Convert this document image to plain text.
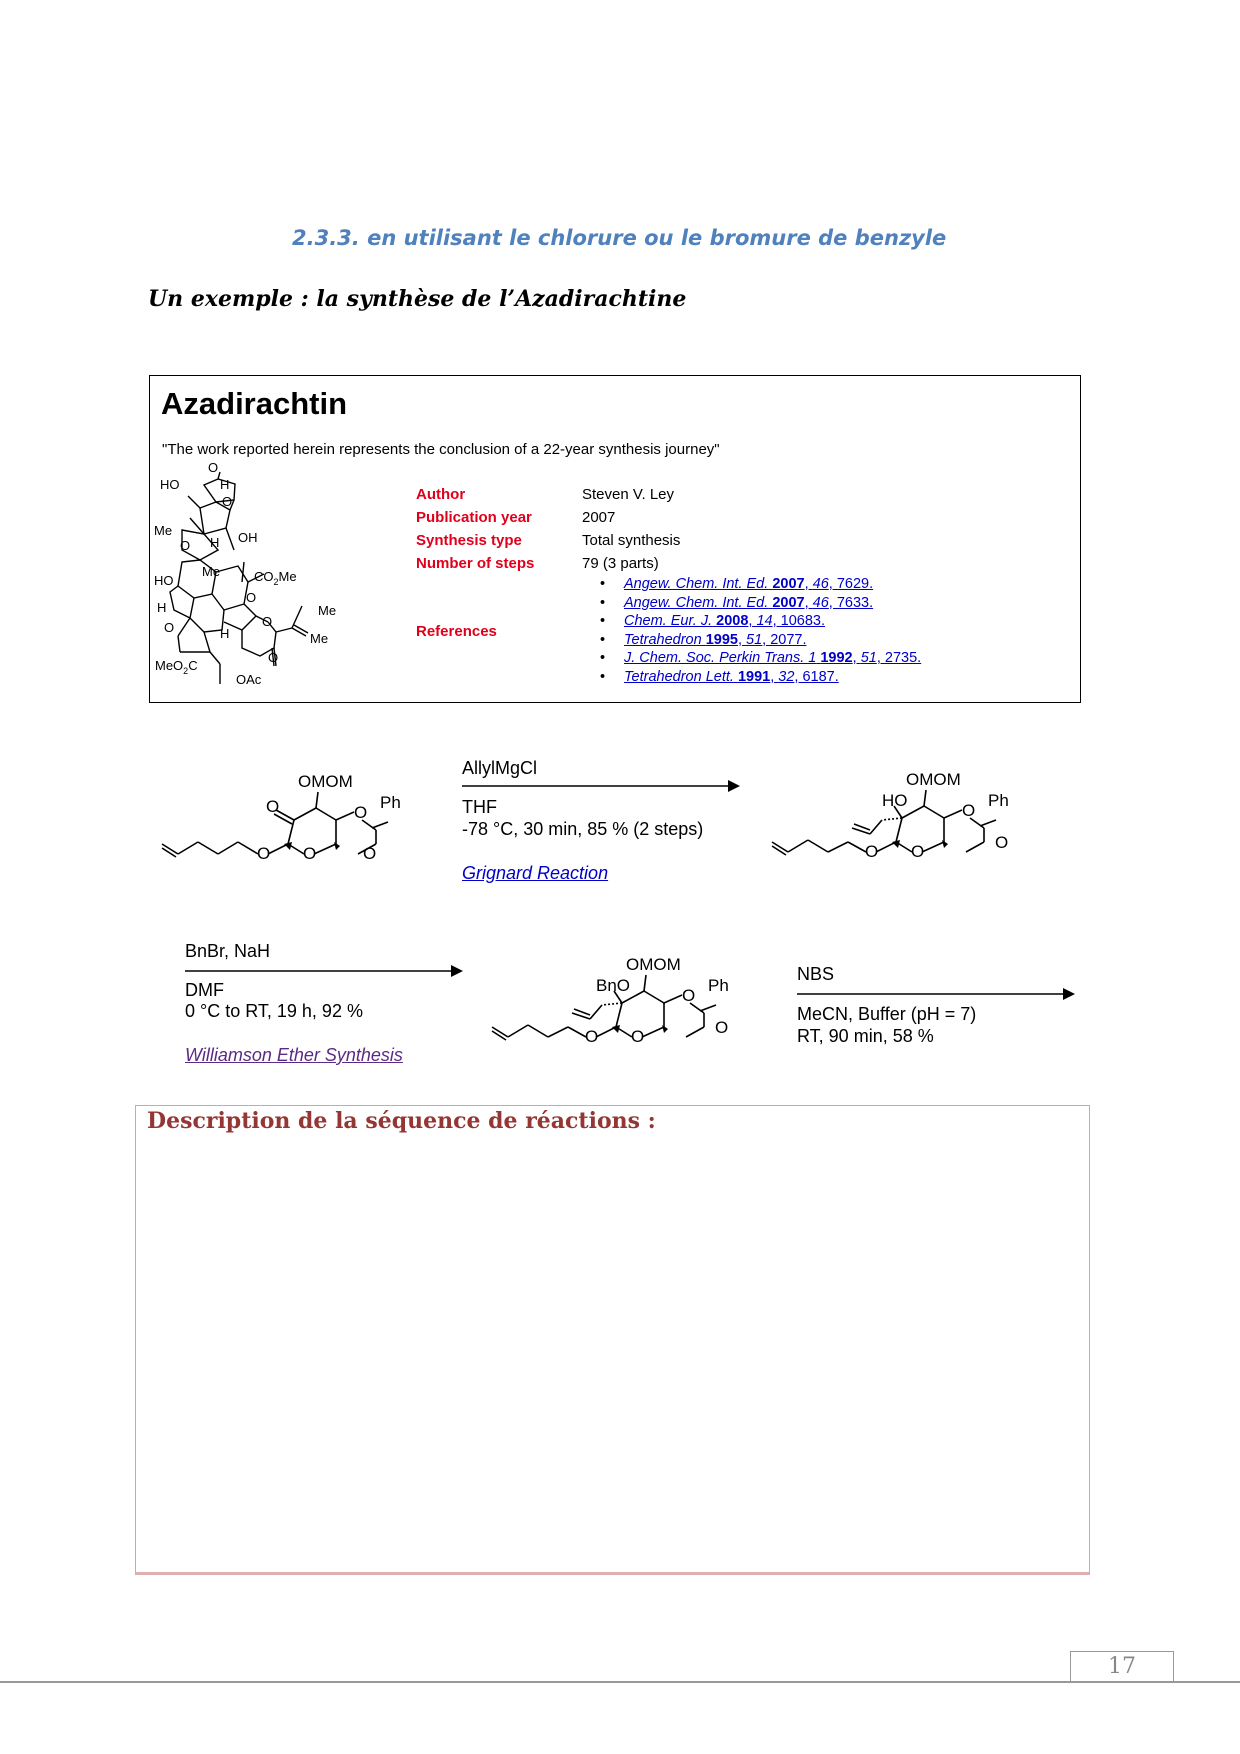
2.3.3. en utilisant le chlorure ou le bromure de benzyle
Un exemple : la synthèse de l’Azadirachtine
Azadirachtin
"The work reported herein represents the conclusion of a 22-year synthesis journey"
HO	H
O
O
Me
O H OH
$CO_2Me$
HO
Me
O
Me
H
O	H
O
Me
O
MeO$_2$C
OAc
Author	Steven V. Ley
Publication year	2007
Synthesis type	Total synthesis
Number of steps	79 (3 parts)
References
• Angew. Chem. Int. Ed. 2007, 46, 7629.
• Angew. Chem. Int. Ed. 2007, 46, 7633.
• Chem. Eur. J. 2008, 14, 10683.
• Tetrahedron 1995, 51, 2077.
• J. Chem. Soc. Perkin Trans. 1 1992, 51, 2735.
• Tetrahedron Lett. 1991, 32, 6187.
OMOM
O	O
Ph
O O	O
AllylMgCl
THF
-78 °C, 30 min, 85 % (2 steps)
Grignard Reaction
OMOM
HO
O
Ph
O O	O
BnBr, NaH
DMF
0 °C to RT, 19 h, 92 %
Williamson Ether Synthesis
OMOM
BnO
O
Ph
O O	O
NBS
MeCN, Buffer (pH = 7)
RT, 90 min, 58 %
Description de la séquence de réactions :
17
